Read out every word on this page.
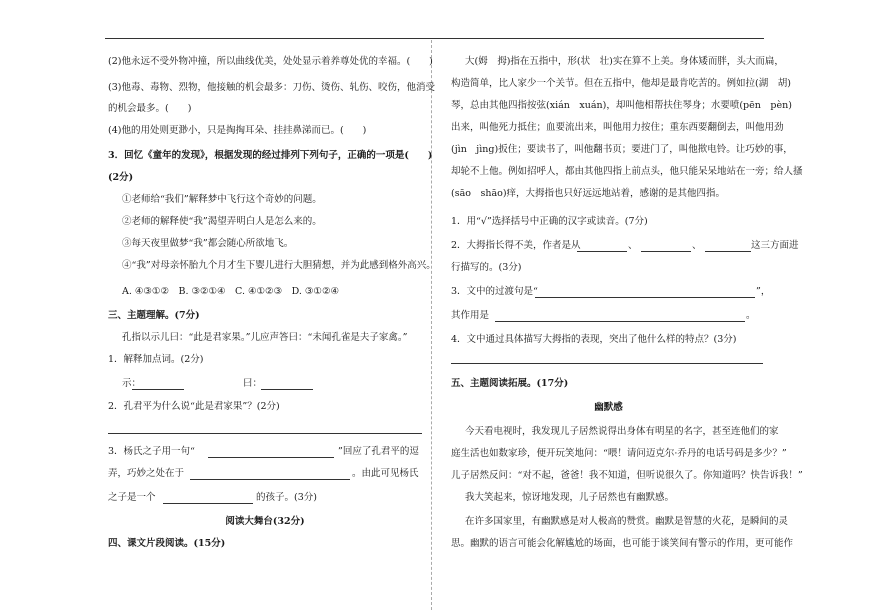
(2)他永远不受外物冲撞，所以曲线优美，处处显示着养尊处优的幸福。(　　)
(3)他毒、毒物、烈物，他接触的机会最多：刀伤、烫伤、轧伤、咬伤，他消受
的机会最多。(　　)
(4)他的用处则更渺小，只是掏掏耳朵、挂挂鼻涕而已。(　　)
3．回忆《童年的发现》，根据发现的经过排列下列句子，正确的一项是(　　)
(2分)
①老师给“我们”解释梦中飞行这个奇妙的问题。
②老师的解释使“我”渴望弄明白人是怎么来的。
③每天夜里做梦“我”都会随心所欲地飞。
④“我”对母亲怀胎九个月才生下婴儿进行大胆猜想，并为此感到格外高兴。
A. ④③①②　B. ③②①④　C. ④①②③　D. ③①②④
三、主题理解。(7分)
孔指以示儿曰：“此是君家果。”儿应声答曰：“未闻孔雀是夫子家禽。”
1．解释加点词。(2分)
示：	曰：
2．孔君平为什么说“此是君家果”？(2分)
3．杨氏之子用一句“	”回应了孔君平的逗
弄，巧妙之处在于	。由此可见杨氏
之子是一个	的孩子。(3分)
阅读大舞台(32分)
四、课文片段阅读。(15分)
大(姆　拇)指在五指中，形(状　壮)实在算不上美。身体矮而胖，头大而扁，
构造简单，比人家少一个关节。但在五指中，他却是最肯吃苦的。例如拉(湖　胡)
琴，总由其他四指按弦(xián　xuán)，却叫他相帮扶住琴身；水要喷(pēn　pèn)
出来，叫他死力抵住；血要流出来，叫他用力按住；重东西要翻倒去，叫他用劲
(jìn　jìng)扳住；要读书了，叫他翻书页；要进门了，叫他揿电铃。让巧妙的事，
却轮不上他。例如招呼人，都由其他四指上前点头，他只能呆呆地站在一旁；给人搔
(sāo　shāo)痒，大拇指也只好远远地站着，感谢的是其他四指。
1．用“√”选择括号中正确的汉字或读音。(7分)
2．大拇指长得不美，作者是从	、	、	这三方面进
行描写的。(3分)
3．文中的过渡句是“	”，
其作用是	。
4．文中通过具体描写大拇指的表现，突出了他什么样的特点？(3分)
五、主题阅读拓展。(17分)
幽默感
今天看电视时，我发现儿子居然说得出身体有明星的名字，甚至连他们的家
庭生活也如数家珍，便开玩笑地问：“喂！请问迈克尔·乔丹的电话号码是多少？”
儿子居然反问：“对不起，爸爸！我不知道，但听说很久了。你知道吗？快告诉我！”
我大笑起来，惊讶地发现，儿子居然也有幽默感。
在许多国家里，有幽默感是对人极高的赞赏。幽默是智慧的火花，是瞬间的灵
思。幽默的语言可能会化解尴尬的场面，也可能于谈笑间有警示的作用，更可能作
